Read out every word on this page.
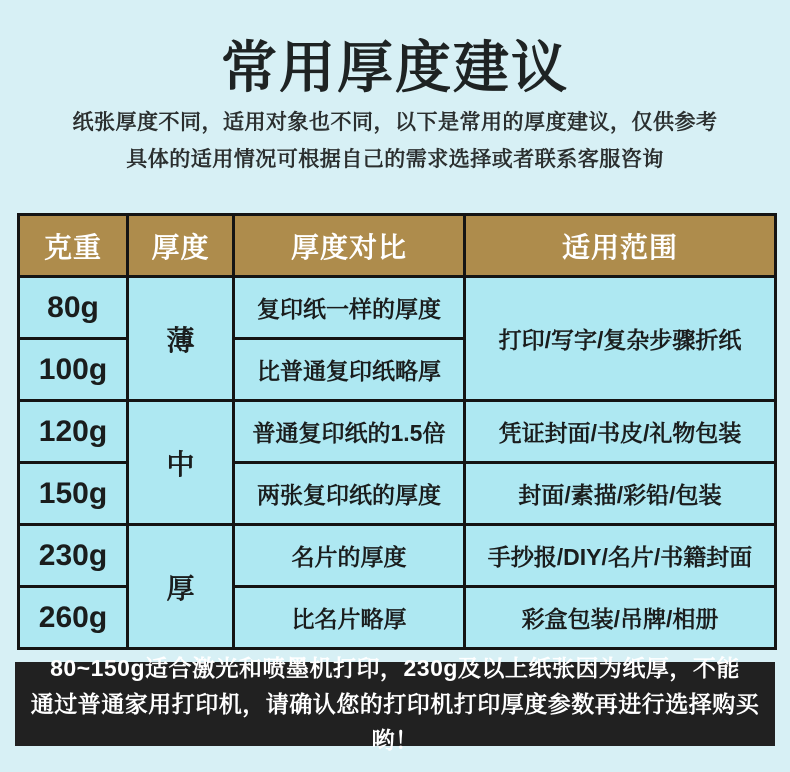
常用厚度建议
纸张厚度不同，适用对象也不同，以下是常用的厚度建议，仅供参考
具体的适用情况可根据自己的需求选择或者联系客服咨询
克重	厚度	厚度对比	适用范围
80g	薄	复印纸一样的厚度	打印/写字/复杂步骤折纸
100g		比普通复印纸略厚	
120g	中	普通复印纸的1.5倍	凭证封面/书皮/礼物包装
150g		两张复印纸的厚度	封面/素描/彩铅/包装
230g	厚	名片的厚度	手抄报/DIY/名片/书籍封面
260g		比名片略厚	彩盒包装/吊牌/相册
80~150g适合激光和喷墨机打印，230g及以上纸张因为纸厚，不能
通过普通家用打印机，请确认您的打印机打印厚度参数再进行选择购买哟！
